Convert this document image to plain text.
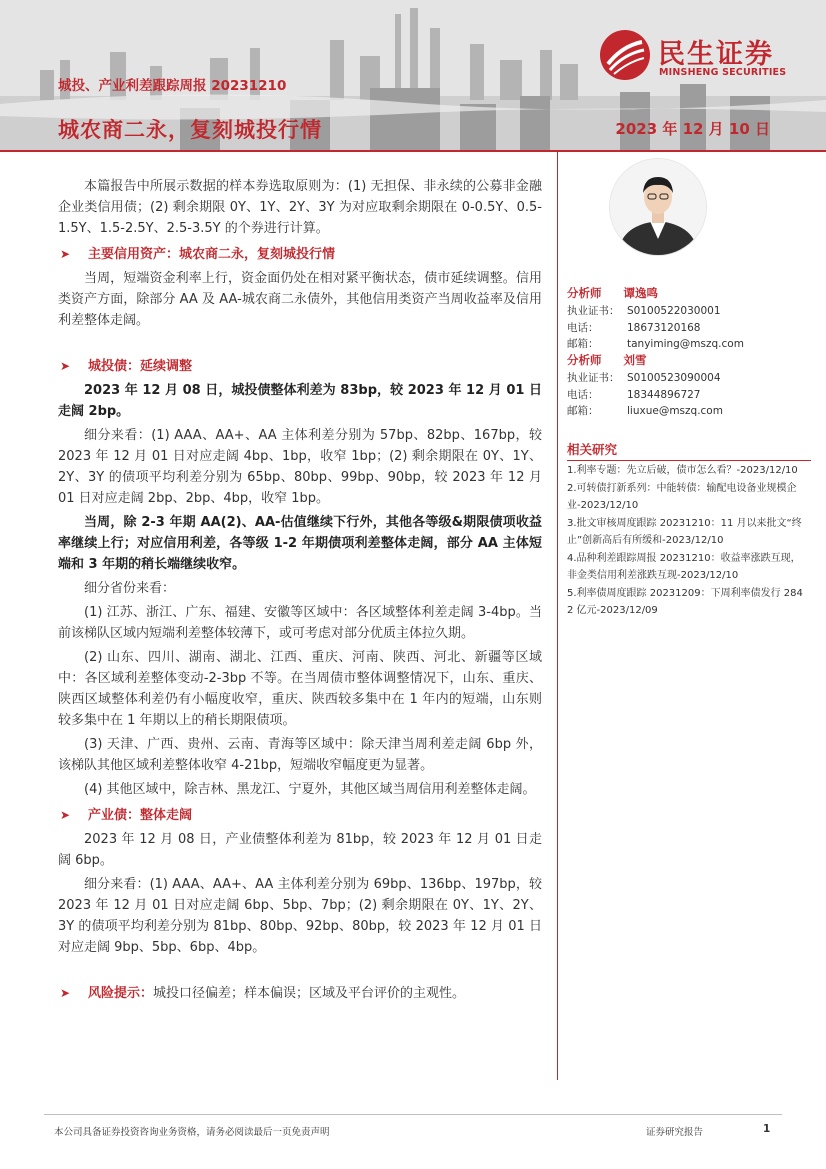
民生证券
MINSHENG SECURITIES
城投、产业利差跟踪周报 20231210
城农商二永，复刻城投行情	2023 年 12 月 10 日

本篇报告中所展示数据的样本券选取原则为：(1) 无担保、非永续的公募非金融企业类信用债；(2) 剩余期限 0Y、1Y、2Y、3Y 为对应取剩余期限在 0-0.5Y、0.5-1.5Y、1.5-2.5Y、2.5-3.5Y 的个券进行计算。

➤ 主要信用资产：城农商二永，复刻城投行情

当周，短端资金利率上行，资金面仍处在相对紧平衡状态，债市延续调整。信用类资产方面，除部分 AA 及 AA-城农商二永债外，其他信用类资产当周收益率及信用利差整体走阔。

➤ 城投债：延续调整

2023 年 12 月 08 日，城投债整体利差为 83bp，较 2023 年 12 月 01 日走阔 2bp。

细分来看：(1) AAA、AA+、AA 主体利差分别为 57bp、82bp、167bp，较 2023 年 12 月 01 日对应走阔 4bp、1bp，收窄 1bp；(2) 剩余期限在 0Y、1Y、2Y、3Y 的债项平均利差分别为 65bp、80bp、99bp、90bp，较 2023 年 12 月 01 日对应走阔 2bp、2bp、4bp，收窄 1bp。

当周，除 2-3 年期 AA(2)、AA-估值继续下行外，其他各等级&期限债项收益率继续上行；对应信用利差，各等级 1-2 年期债项利差整体走阔，部分 AA 主体短端和 3 年期的稍长端继续收窄。

细分省份来看：

(1) 江苏、浙江、广东、福建、安徽等区域中：各区域整体利差走阔 3-4bp。当前该梯队区域内短端利差整体较薄下，或可考虑对部分优质主体拉久期。

(2) 山东、四川、湖南、湖北、江西、重庆、河南、陕西、河北、新疆等区域中：各区域利差整体变动-2-3bp 不等。在当周债市整体调整情况下，山东、重庆、陕西区域整体利差仍有小幅度收窄，重庆、陕西较多集中在 1 年内的短端，山东则较多集中在 1 年期以上的稍长期限债项。

(3) 天津、广西、贵州、云南、青海等区域中：除天津当周利差走阔 6bp 外，该梯队其他区域利差整体收窄 4-21bp，短端收窄幅度更为显著。

(4) 其他区域中，除吉林、黑龙江、宁夏外，其他区域当周信用利差整体走阔。

➤ 产业债：整体走阔

2023 年 12 月 08 日，产业债整体利差为 81bp，较 2023 年 12 月 01 日走阔 6bp。

细分来看：(1) AAA、AA+、AA 主体利差分别为 69bp、136bp、197bp，较 2023 年 12 月 01 日对应走阔 6bp、5bp、7bp；(2) 剩余期限在 0Y、1Y、2Y、3Y 的债项平均利差分别为 81bp、80bp、92bp、80bp，较 2023 年 12 月 01 日对应走阔 9bp、5bp、6bp、4bp。

➤ 风险提示：城投口径偏差；样本偏误；区域及平台评价的主观性。
分析师 谭逸鸣
执业证书： S0100522030001
电话：	18673120168
邮箱：	tanyiming@mszq.com
分析师 刘雪
执业证书： S0100523090004
电话：	18344896727
邮箱：	liuxue@mszq.com
相关研究

1.利率专题：先立后破，债市怎么看？-2023/12/10

2.可转债打新系列：中能转债：输配电设备业规模企业-2023/12/10

3.批文审核周度跟踪 20231210：11 月以来批文“终止”创新高后有所缓和-2023/12/10

4.品种利差跟踪周报 20231210：收益率涨跌互现，非金类信用利差涨跌互现-2023/12/10

5.利率债周度跟踪 20231209：下周利率债发行 2842 亿元-2023/12/09

本公司具备证券投资咨询业务资格，请务必阅读最后一页免责声明	证券研究报告	1
